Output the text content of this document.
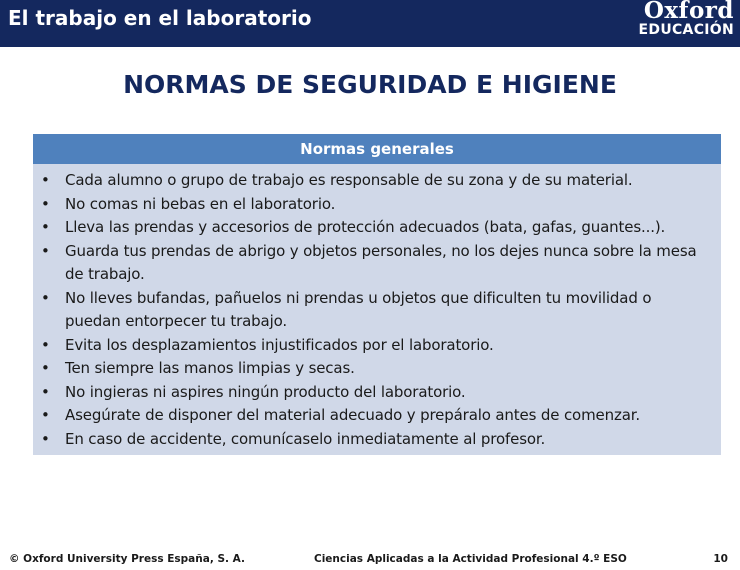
El trabajo en el laboratorio	Oxford
EDUCACIÓN
NORMAS DE SEGURIDAD E HIGIENE
Normas generales
• Cada alumno o grupo de trabajo es responsable de su zona y de su material.
• No comas ni bebas en el laboratorio.
• Lleva las prendas y accesorios de protección adecuados (bata, gafas, guantes...).
• Guarda tus prendas de abrigo y objetos personales, no los dejes nunca sobre la mesa de trabajo.
• No lleves bufandas, pañuelos ni prendas u objetos que dificulten tu movilidad o puedan entorpecer tu trabajo.
• Evita los desplazamientos injustificados por el laboratorio.
• Ten siempre las manos limpias y secas.
• No ingieras ni aspires ningún producto del laboratorio.
• Asegúrate de disponer del material adecuado y prepáralo antes de comenzar.
• En caso de accidente, comunícaselo inmediatamente al profesor.
© Oxford University Press España, S. A.	Ciencias Aplicadas a la Actividad Profesional 4.º ESO	10
